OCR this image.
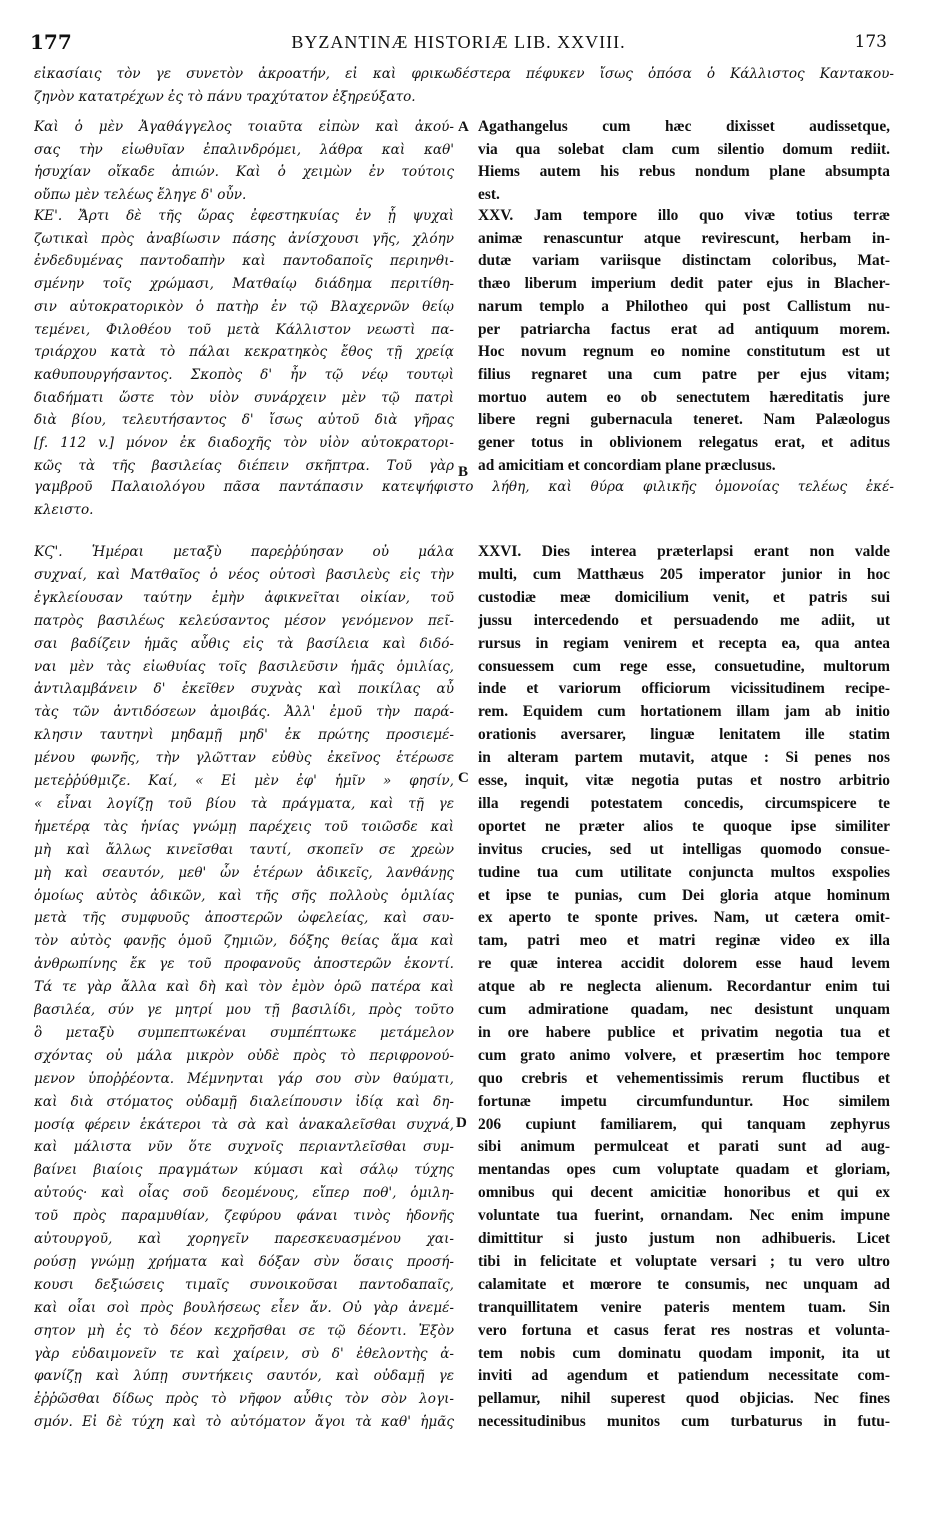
177	BYZANTINÆ HISTORIÆ LIB. XXVIII.	173
εἰκασίαις τὸν γε συνετὸν ἀκροατήν, εἰ καὶ φρικωδέστερα πέφυκεν ἴσως ὁπόσα ὁ Κάλλιστος Καντακου-
ζηνὸν κατατρέχων ἐς τὸ πάνυ τραχύτατον ἐξηρεύξατο.
Καὶ ὁ μὲν Ἀγαθάγγελος τοιαῦτα εἰπὼν καὶ ἀκού-
σας τὴν εἰωθυῖαν ἐπαλινδρόμει, λάθρα καὶ καθ'
ἡσυχίαν οἴκαδε ἀπιών. Καὶ ὁ χειμὼν ἐν τούτοις
οὔπω μὲν τελέως ἔληγε δ' οὖν.
ΚΕ'. Ἄρτι δὲ τῆς ὥρας ἐφεστηκυίας ἐν ᾗ ψυχαὶ
ζωτικαὶ πρὸς ἀναβίωσιν πάσης ἀνίσχουσι γῆς, χλόην
ἐνδεδυμένας παντοδαπὴν καὶ παντοδαποῖς περιηνθι-
σμένην τοῖς χρώμασι, Ματθαίῳ διάδημα περιτίθη-
σιν αὐτοκρατορικὸν ὁ πατὴρ ἐν τῷ Βλαχερνῶν θείῳ
τεμένει, Φιλοθέου τοῦ μετὰ Κάλλιστον νεωστὶ πα-
τριάρχου κατὰ τὸ πάλαι κεκρατηκὸς ἔθος τῇ χρείᾳ
καθυπουργήσαντος. Σκοπὸς δ' ἦν τῷ νέῳ τουτῳὶ
διαδήματι ὥστε τὸν υἱὸν συνάρχειν μὲν τῷ πατρὶ
διὰ βίου, τελευτήσαντος δ' ἴσως αὐτοῦ διὰ γῆρας
[f. 112 v.] μόνον ἐκ διαδοχῆς τὸν υἱὸν αὐτοκρατορι-
κῶς τὰ τῆς βασιλείας διέπειν σκῆπτρα. Τοῦ γὰρ
γαμβροῦ Παλαιολόγου πᾶσα παντάπασιν κατεψήφιστο λήθη, καὶ θύρα φιλικῆς ὁμονοίας τελέως ἐκέ-
κλειστο.
ΚϚ'. Ἡμέραι μεταξὺ παρεῤῥύησαν οὐ μάλα
συχναί, καὶ Ματθαῖος ὁ νέος οὑτοσὶ βασιλεὺς εἰς τὴν
ἐγκλείουσαν ταύτην ἐμὴν ἀφικνεῖται οἰκίαν, τοῦ
πατρὸς βασιλέως κελεύσαντος μέσον γενόμενον πεῖ-
σαι βαδίζειν ἡμᾶς αὖθις εἰς τὰ βασίλεια καὶ διδό-
ναι μὲν τὰς εἰωθυίας τοῖς βασιλεῦσιν ἡμᾶς ὁμιλίας,
ἀντιλαμβάνειν δ' ἐκεῖθεν συχνὰς καὶ ποικίλας αὖ
τὰς τῶν ἀντιδόσεων ἀμοιβάς. Ἀλλ' ἐμοῦ τὴν παρά-
κλησιν ταυτηνὶ μηδαμῇ μηδ' ἐκ πρώτης προσιεμέ-
μένου φωνῆς, τὴν γλῶτταν εὐθὺς ἐκεῖνος ἑτέρωσε
μετεῤῥύθμιζε. Καί, « Εἰ μὲν ἐφ' ἡμῖν » φησίν,
« εἶναι λογίζῃ τοῦ βίου τὰ πράγματα, καὶ τῇ γε
ἡμετέρᾳ τὰς ἡνίας γνώμῃ παρέχεις τοῦ τοιῶσδε καὶ
μὴ καὶ ἄλλως κινεῖσθαι ταυτί, σκοπεῖν σε χρεὼν
μὴ καὶ σεαυτόν, μεθ' ὧν ἑτέρων ἀδικεῖς, λανθάνῃς
ὁμοίως αὐτὸς ἀδικῶν, καὶ τῆς σῆς πολλοὺς ὁμιλίας
μετὰ τῆς συμφυοῦς ἀποστερῶν ὠφελείας, καὶ σαυ-
τὸν αὐτὸς φανῇς ὁμοῦ ζημιῶν, δόξης θείας ἅμα καὶ
ἀνθρωπίνης ἔκ γε τοῦ προφανοῦς ἀποστερῶν ἑκοντί.
Τά τε γὰρ ἄλλα καὶ δὴ καὶ τὸν ἐμὸν ὁρῶ πατέρα καὶ
βασιλέα, σύν γε μητρί μου τῇ βασιλίδι, πρὸς τοῦτο
ὃ μεταξὺ συμπεπτωκέναι συμπέπτωκε μετάμελον
σχόντας οὐ μάλα μικρὸν οὐδὲ πρὸς τὸ περιφρονού-
μενον ὑποῤῥέοντα. Μέμνηνται γάρ σου σὺν θαύματι,
καὶ διὰ στόματος οὐδαμῇ διαλείπουσιν ἰδίᾳ καὶ δη-
μοσίᾳ φέρειν ἑκάτεροι τὰ σὰ καὶ ἀνακαλεῖσθαι συχνά,
καὶ μάλιστα νῦν ὅτε συχνοῖς περιαντλεῖσθαι συμ-
βαίνει βιαίοις πραγμάτων κύμασι καὶ σάλῳ τύχης
αὐτούς· καὶ οἷας σοῦ δεομένους, εἴπερ ποθ', ὁμιλη-
τοῦ πρὸς παραμυθίαν, ζεφύρου φάναι τινὸς ἡδονῆς
αὐτουργοῦ, καὶ χορηγεῖν παρεσκευασμένου χαι-
ρούσῃ γνώμῃ χρήματα καὶ δόξαν σὺν ὅσαις προσή-
κουσι δεξιώσεις τιμαῖς συνοικοῦσαι παντοδαπαῖς,
καὶ οἷαι σοὶ πρὸς βουλήσεως εἶεν ἄν. Οὐ γὰρ ἀνεμέ-
σητον μὴ ἐς τὸ δέον κεχρῆσθαι σε τῷ δέοντι. Ἐξὸν
γὰρ εὐδαιμονεῖν τε καὶ χαίρειν, σὺ δ' ἐθελοντὴς ἀ-
φανίζῃ καὶ λύπῃ συντήκεις σαυτόν, καὶ οὐδαμῇ γε
ἐῤῥῶσθαι δίδως πρὸς τὸ νῆφον αὖθις τὸν σὸν λογι-
σμόν. Εἰ δὲ τύχη καὶ τὸ αὐτόματον ἄγοι τὰ καθ' ἡμᾶς
Agathangelus cum hæc dixisset audissetque,
via qua solebat clam cum silentio domum rediit.
Hiems autem his rebus nondum plane absumpta
est.
XXV. Jam tempore illo quo vivæ totius terræ
animæ renascuntur atque revirescunt, herbam in-
dutæ variam variisque distinctam coloribus, Mat-
thæo liberum imperium dedit pater ejus in Blacher-
narum templo a Philotheo qui post Callistum nu-
per patriarcha factus erat ad antiquum morem.
Hoc novum regnum eo nomine constitutum est ut
filius regnaret una cum patre per ejus vitam;
mortuo autem eo ob senectutem hæreditatis jure
libere regni gubernacula teneret. Nam Palæologus
gener totus in oblivionem relegatus erat, et aditus
ad amicitiam et concordiam plane præclusus.
XXVI. Dies interea præterlapsi erant non valde
multi, cum Matthæus 205 imperator junior in hoc
custodiæ meæ domicilium venit, et patris sui
jussu intercedendo et persuadendo me adiit, ut
rursus in regiam venirem et recepta ea, qua antea
consuessem cum rege esse, consuetudine, multorum
inde et variorum officiorum vicissitudinem recipe-
rem. Equidem cum hortationem illam jam ab initio
orationis aversarer, linguæ lenitatem ille statim
in alteram partem mutavit, atque : Si penes nos
esse, inquit, vitæ negotia putas et nostro arbitrio
illa regendi potestatem concedis, circumspicere te
oportet ne præter alios te quoque ipse similiter
invitus crucies, sed ut intelligas quomodo consue-
tudine tua cum utilitate conjuncta multos exspolies
et ipse te punias, cum Dei gloria atque hominum
ex aperto te sponte prives. Nam, ut cætera omit-
tam, patri meo et matri reginæ video ex illa
re quæ interea accidit dolorem esse haud levem
atque ab re neglecta alienum. Recordantur enim tui
cum admiratione quadam, nec desistunt unquam
in ore habere publice et privatim negotia tua et
cum grato animo volvere, et præsertim hoc tempore
quo crebris et vehementissimis rerum fluctibus et
fortunæ impetu circumfunduntur. Hoc similem
206 cupiunt familiarem, qui tanquam zephyrus
sibi animum permulceat et parati sunt ad aug-
mentandas opes cum voluptate quadam et gloriam,
omnibus qui decent amicitiæ honoribus et qui ex
voluntate tua fuerint, ornandam. Nec enim impune
dimittitur si justo justum non adhibueris. Licet
tibi in felicitate et voluptate versari ; tu vero ultro
calamitate et mœrore te consumis, nec unquam ad
tranquillitatem venire pateris mentem tuam. Sin
vero fortuna et casus ferat res nostras et volunta-
tem nobis cum dominatu quodam imponit, ita ut
inviti ad agendum et patiendum necessitate com-
pellamur, nihil superest quod objicias. Nec fines
necessitudinibus munitos cum turbaturus in futu-
A
B
C
D
